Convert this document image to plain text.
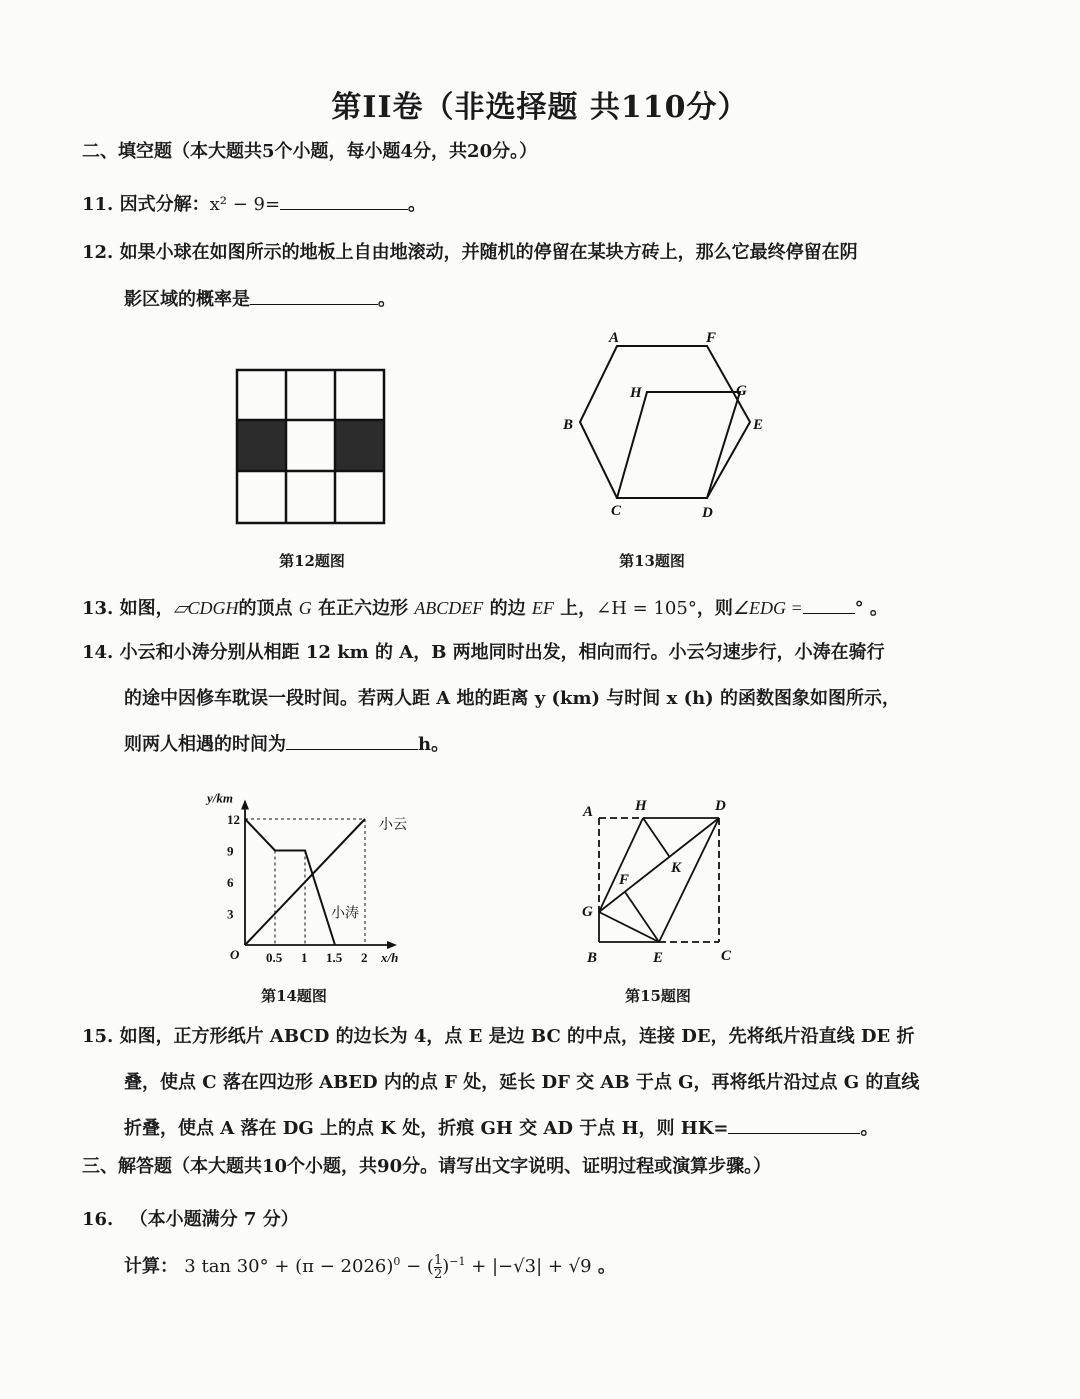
第II卷（非选择题 共110分）
二、填空题（本大题共5个小题，每小题4分，共20分。）
11. 因式分解：x² − 9=	。
12. 如果小球在如图所示的地板上自由地滚动，并随机的停留在某块方砖上，那么它最终停留在阴
影区域的概率是	。
第12题图
A	F
H	G
B	E
C	D
第13题图
13. 如图，▱CDGH的顶点 G 在正六边形 ABCDEF 的边 EF 上，∠H = 105°，则∠EDG =	° 。
14. 小云和小涛分别从相距 12 km 的 A，B 两地同时出发，相向而行。小云匀速步行，小涛在骑行
的途中因修车耽误一段时间。若两人距 A 地的距离 y (km) 与时间 x (h) 的函数图象如图所示，
则两人相遇的时间为	h。
3
6
9
12
0.5 1 1.5 2
O	x/h
y/km
小云
小涛
第14题图
A	H	D
K
F
G
B	E	C
第15题图
15. 如图，正方形纸片 ABCD 的边长为 4，点 E 是边 BC 的中点，连接 DE，先将纸片沿直线 DE 折
叠，使点 C 落在四边形 ABED 内的点 F 处，延长 DF 交 AB 于点 G，再将纸片沿过点 G 的直线
折叠，使点 A 落在 DG 上的点 K 处，折痕 GH 交 AD 于点 H，则 HK=	。
三、解答题（本大题共10个小题，共90分。请写出文字说明、证明过程或演算步骤。）
16. （本小题满分 7 分）
计算： 3 $\tan 30^\circ + (\pi - 2026)^0$ − ( $\frac{1}{2} )^{-1} + |-√3| + √9$ 。
